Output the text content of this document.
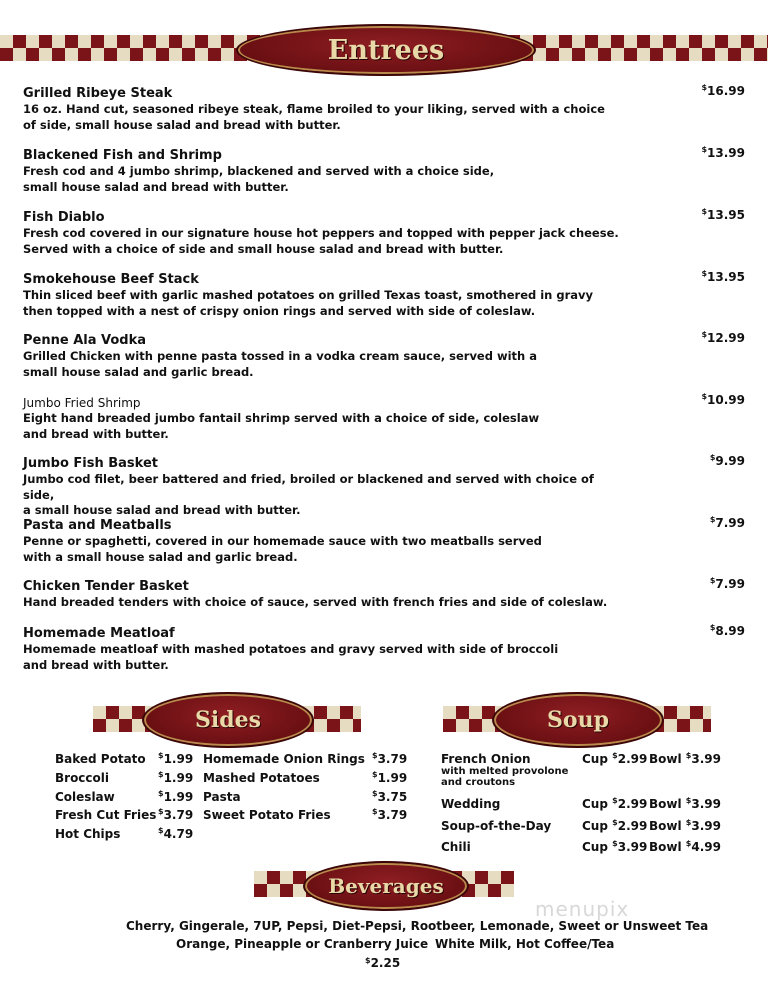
Entrees
Grilled Ribeye Steak
16 oz. Hand cut, seasoned ribeye steak, flame broiled to your liking, served with a choice
of side, small house salad and bread with butter.
$16.99
Blackened Fish and Shrimp
Fresh cod and 4 jumbo shrimp, blackened and served with a choice side,
small house salad and bread with butter.
$13.99
Fish Diablo
Fresh cod covered in our signature house hot peppers and topped with pepper jack cheese.
Served with a choice of side and small house salad and bread with butter.
$13.95
Smokehouse Beef Stack
Thin sliced beef with garlic mashed potatoes on grilled Texas toast, smothered in gravy
then topped with a nest of crispy onion rings and served with side of coleslaw.
$13.95
Penne Ala Vodka
Grilled Chicken with penne pasta tossed in a vodka cream sauce, served with a
small house salad and garlic bread.
$12.99
Jumbo Fried Shrimp
Eight hand breaded jumbo fantail shrimp served with a choice of side, coleslaw
and bread with butter.
$10.99
Jumbo Fish Basket
Jumbo cod filet, beer battered and fried, broiled or blackened and served with choice of side,
a small house salad and bread with butter.
$9.99
Pasta and Meatballs
Penne or spaghetti, covered in our homemade sauce with two meatballs served
with a small house salad and garlic bread.
$7.99
Chicken Tender Basket
Hand breaded tenders with choice of sauce, served with french fries and side of coleslaw.
$7.99
Homemade Meatloaf
Homemade meatloaf with mashed potatoes and gravy served with side of broccoli
and bread with butter.
$8.99
Sides	Soup
Baked Potato $1.99
Broccoli	$1.99
Coleslaw	$1.99
Fresh Cut Fries $3.79
Hot Chips	$4.79
Homemade Onion Rings $3.79
Mashed Potatoes	$1.99
Pasta	$3.75
Sweet Potato Fries	$3.79
French Onion
with melted provolone
and croutons
Cup $2.99 Bowl $3.99
Wedding	Cup $2.99 Bowl $3.99
Soup-of-the-Day	Cup $2.99 Bowl $3.99
Chili	Cup $3.99 Bowl $4.99
Beverages
Cherry, Gingerale, 7UP, Pepsi, Diet-Pepsi, Rootbeer, Lemonade, Sweet or Unsweet Tea
Orange, Pineapple or Cranberry Juice White Milk, Hot Coffee/Tea
$2.25
menupix
